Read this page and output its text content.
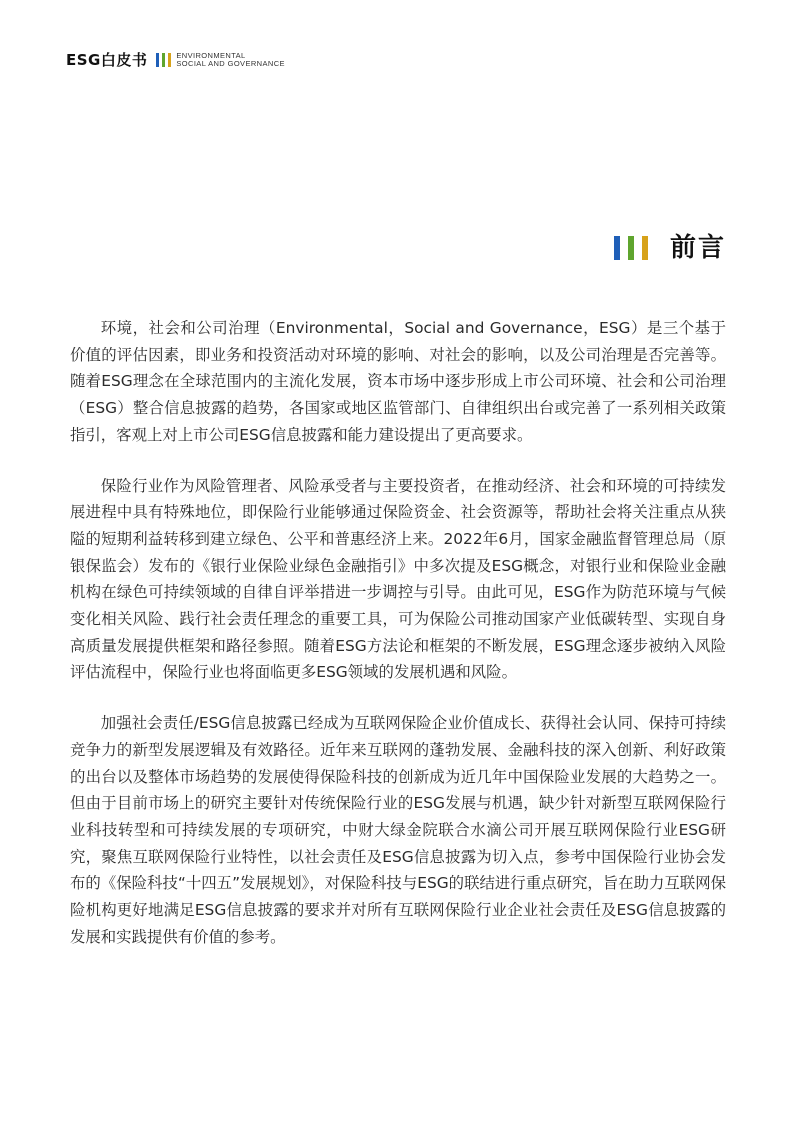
ESG白皮书	ENVIRONMENTAL
SOCIAL AND GOVERNANCE
前言

环境，社会和公司治理（Environmental，Social and Governance，ESG）是三个基于价值的评估因素，即业务和投资活动对环境的影响、对社会的影响，以及公司治理是否完善等。随着ESG理念在全球范围内的主流化发展，资本市场中逐步形成上市公司环境、社会和公司治理（ESG）整合信息披露的趋势，各国家或地区监管部门、自律组织出台或完善了一系列相关政策指引，客观上对上市公司ESG信息披露和能力建设提出了更高要求。

保险行业作为风险管理者、风险承受者与主要投资者，在推动经济、社会和环境的可持续发展进程中具有特殊地位，即保险行业能够通过保险资金、社会资源等，帮助社会将关注重点从狭隘的短期利益转移到建立绿色、公平和普惠经济上来。2022年6月，国家金融监督管理总局（原银保监会）发布的《银行业保险业绿色金融指引》中多次提及ESG概念，对银行业和保险业金融机构在绿色可持续领域的自律自评举措进一步调控与引导。由此可见，ESG作为防范环境与气候变化相关风险、践行社会责任理念的重要工具，可为保险公司推动国家产业低碳转型、实现自身高质量发展提供框架和路径参照。随着ESG方法论和框架的不断发展，ESG理念逐步被纳入风险评估流程中，保险行业也将面临更多ESG领域的发展机遇和风险。

加强社会责任/ESG信息披露已经成为互联网保险企业价值成长、获得社会认同、保持可持续竞争力的新型发展逻辑及有效路径。近年来互联网的蓬勃发展、金融科技的深入创新、利好政策的出台以及整体市场趋势的发展使得保险科技的创新成为近几年中国保险业发展的大趋势之一。但由于目前市场上的研究主要针对传统保险行业的ESG发展与机遇，缺少针对新型互联网保险行业科技转型和可持续发展的专项研究，中财大绿金院联合水滴公司开展互联网保险行业ESG研究，聚焦互联网保险行业特性，以社会责任及ESG信息披露为切入点，参考中国保险行业协会发布的《保险科技“十四五”发展规划》，对保险科技与ESG的联结进行重点研究，旨在助力互联网保险机构更好地满足ESG信息披露的要求并对所有互联网保险行业企业社会责任及ESG信息披露的发展和实践提供有价值的参考。
